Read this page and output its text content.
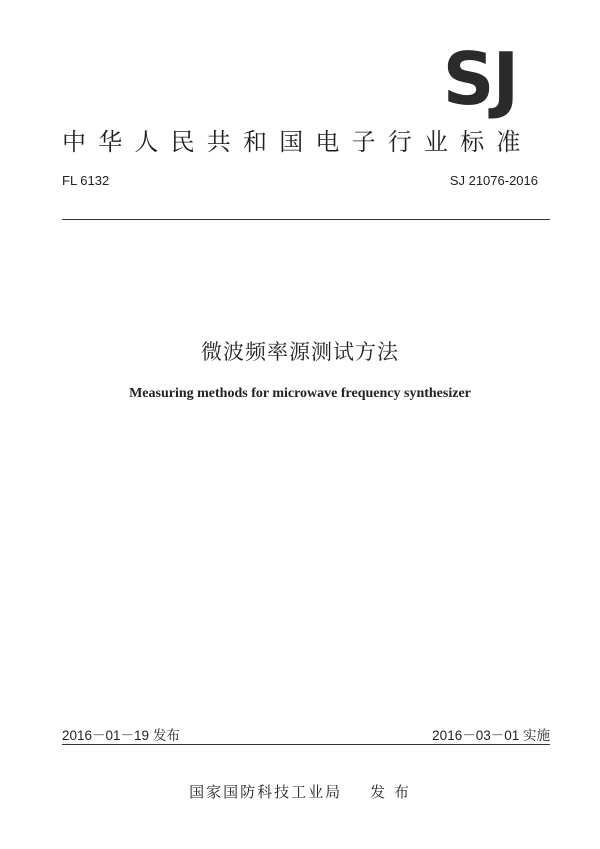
SJ
中华人民共和国电子行业标准
FL 6132	SJ 21076-2016
微波频率源测试方法
Measuring methods for microwave frequency synthesizer
2016－01－19 发布	2016－03－01 实施
国家国防科技工业局 发 布
